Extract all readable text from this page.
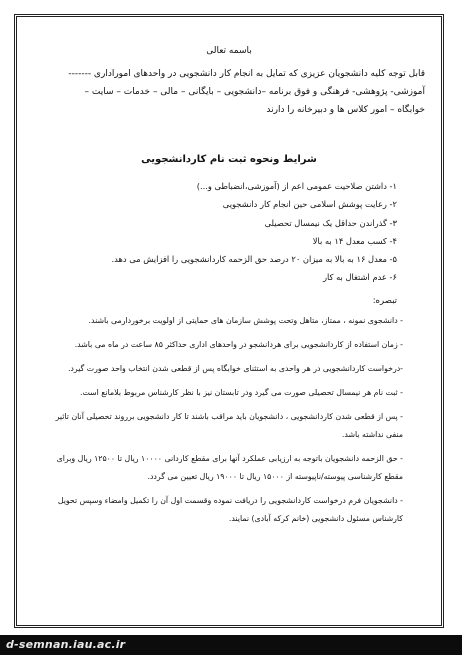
باسمه تعالی
قابل توجه کلیه دانشجویان عزیزی که تمایل به انجام کار دانشجویی در واحدهای اموراداری ------- آموزشی- پژوهشی- فرهنگی و فوق برنامه –دانشجویی – بایگانی – مالی – خدمات – سایت – خوابگاه – امور کلاس ها و دبیرخانه را دارند
شرایط ونحوه ثبت نام کاردانشجویی
۱- داشتن صلاحیت عمومی اعم از (آموزشی،انضباطی و...)
۲- رعایت پوشش اسلامی حین انجام کار دانشجویی
۳- گذراندن حداقل یک نیمسال تحصیلی
۴- کسب معدل ۱۴ به بالا
۵- معدل ۱۶ به بالا به میزان ۲۰ درصد حق الزحمه کاردانشجویی را افزایش می دهد.
۶- عدم اشتغال به کار
تبصره:
- دانشجوی نمونه ، ممتاز، متاهل وتحت پوشش سازمان های حمایتی از اولویت برخوردارمی باشند.
- زمان استفاده از کاردانشجویی برای هردانشجو در واحدهای اداری حداکثر ۸۵ ساعت در ماه می باشد.
-درخواست کاردانشجویی در هر واحدی به استثنای خوابگاه پس از قطعی شدن انتخاب واحد صورت گیرد.
- ثبت نام هر نیمسال تحصیلی صورت می گیرد ودر تابستان نیز با نظر کارشناس مربوط بلامانع است.
- پس از قطعی شدن کاردانشجویی ، دانشجویان باید مراقب باشند تا کار دانشجویی برروند تحصیلی آنان تاثیر منفی نداشته باشد.
- حق الزحمه دانشجویان باتوجه به ارزیابی عملکرد آنها برای مقطع کاردانی ۱۰۰۰۰ ریال تا ۱۲۵۰۰ ریال وبرای مقطع کارشناسی پیوسته/ناپیوسته از ۱۵۰۰۰ ریال تا ۱۹۰۰۰ ریال تعیین می گردد.
- دانشجویان فرم درخواست کاردانشجویی را دریافت نموده وقسمت اول آن را تکمیل وامضاء وسپس تحویل کارشناس مسئول دانشجویی (خانم کرکه آبادی) نمایند.
d-semnan.iau.ac.ir
